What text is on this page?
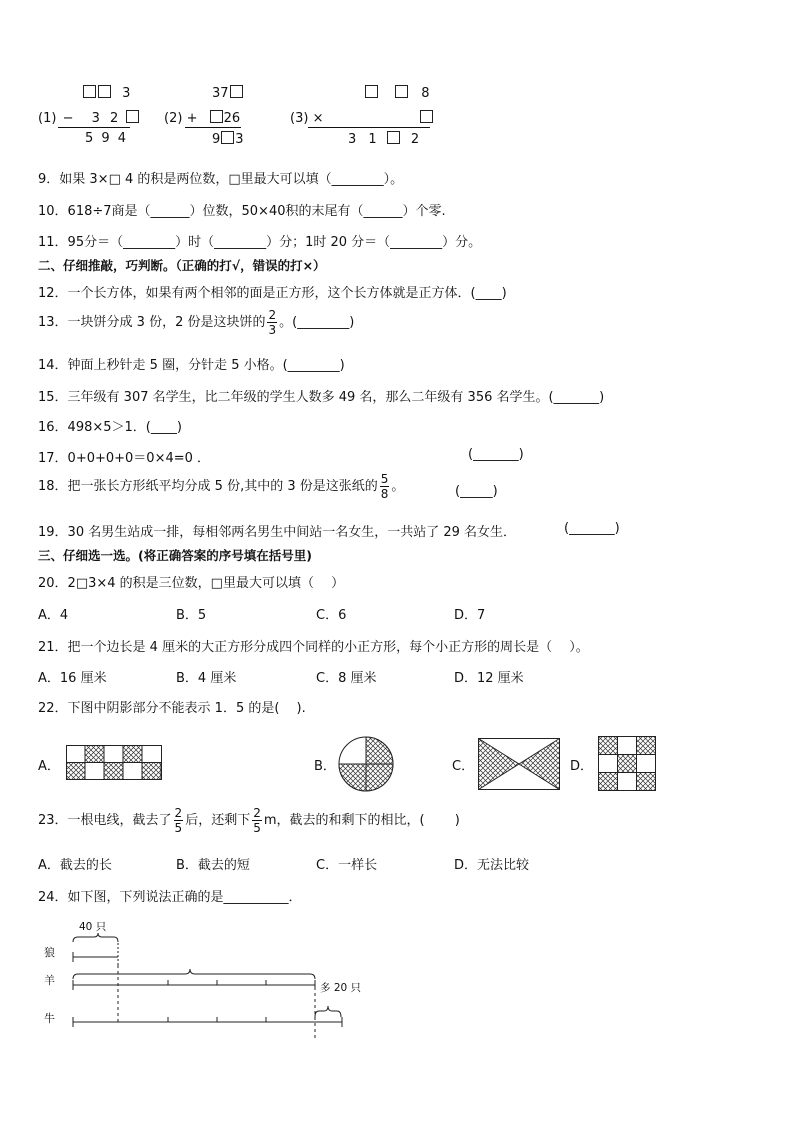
3
(1) − 3 2
5 9 4
37
(2) + 26
9 3
8
(3) ×
3 1 2
9．如果 3×□ 4 的积是两位数，□里最大可以填（________）。
10．618÷7商是（______）位数，50×40积的末尾有（______）个零.
11．95分＝（________）时（________）分；1时 20 分＝（________）分。
二、仔细推敲，巧判断。（正确的打√，错误的打×）
12．一个长方体，如果有两个相邻的面是正方形，这个长方体就是正方体．(____)
13．一块饼分成 3 份，2 份是这块饼的 $\frac{2}{3}$ 。(________)
14．钟面上秒针走 5 圈，分针走 5 小格。(________)
15．三年级有 307 名学生，比二年级的学生人数多 49 名，那么二年级有 356 名学生。(_______)
16．498×5＞1．(____)
17．0+0+0+0＝0×4=0 ．	(_______)
18．把一张长方形纸平均分成 5 份,其中的 3 份是这张纸的 $\frac{5}{8}$ 。	(_____)
19．30 名男生站成一排，每相邻两名男生中间站一名女生，一共站了 29 名女生．	(_______)
三、仔细选一选。(将正确答案的序号填在括号里)
20．2□3×4 的积是三位数，□里最大可以填（　 ）
A．4	B．5	C．6	D．7
21．把一个边长是 4 厘米的大正方形分成四个同样的小正方形，每个小正方形的周长是（　 ）。
A．16 厘米	B．4 厘米	C．8 厘米	D．12 厘米
22．下图中阴影部分不能表示 1．5 的是(　 ).
A．	B．	C．	D．
23．一根电线，截去了 $\frac{2}{5}$ 后，还剩下 $\frac{2}{5}$ m，截去的和剩下的相比，(　　 )
A．截去的长	B．截去的短	C．一样长	D．无法比较
24．如下图，下列说法正确的是__________．
狼
羊
牛
40 只
多 20 只
